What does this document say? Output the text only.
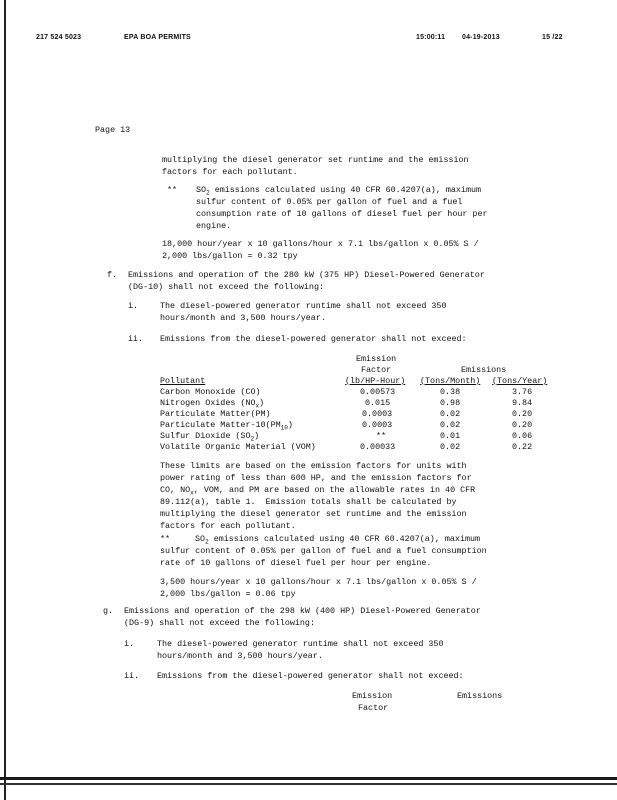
217 524 5023	EPA BOA PERMITS	15:00:11 04-19-2013	15 /22
Page 13
multiplying the diesel generator set runtime and the emission
factors for each pollutant.
** $SO_2$ emissions calculated using 40 CFR 60.4207(a), maximum
sulfur content of 0.05% per gallon of fuel and a fuel
consumption rate of 10 gallons of diesel fuel per hour per
engine.
18,000 hour/year x 10 gallons/hour x 7.1 lbs/gallon x 0.05% S /
2,000 lbs/gallon = 0.32 tpy
f. Emissions and operation of the 280 kW (375 HP) Diesel-Powered Generator
(DG-10) shall not exceed the following:
i.	The diesel-powered generator runtime shall not exceed 350
hours/month and 3,500 hours/year.
ii. Emissions from the diesel-powered generator shall not exceed:
Emission
Factor	Emissions
Pollutant	(lb/HP-Hour) (Tons/Month) (Tons/Year)
Carbon Monoxide (CO)	0.00573	0.38	3.76
Nitrogen Oxides $(NO_x)$	0.015	0.98	9.84
Particulate Matter(PM)	0.0003	0.02	0.20
Particulate Matter-$10(PM_{10})$	0.0003	0.02	0.20
Sulfur Dioxide $(SO_2)$	**	0.01	0.06
Volatile Organic Material (VOM)	0.00033	0.02	0.22
These limits are based on the emission factors for units with
power rating of less than 600 HP, and the emission factors for
CO, $NO_x$, VOM, and PM are based on the allowable rates in 40 CFR
89.112(a), table 1.  Emission totals shall be calculated by
multiplying the diesel generator set runtime and the emission
factors for each pollutant.
**	$SO_2$ emissions calculated using 40 CFR 60.4207(a), maximum
sulfur content of 0.05% per gallon of fuel and a fuel consumption
rate of 10 gallons of diesel fuel per hour per engine.
3,500 hours/year x 10 gallons/hour x 7.1 lbs/gallon x 0.05% S /
2,000 lbs/gallon = 0.06 tpy
g. Emissions and operation of the 298 kW (400 HP) Diesel-Powered Generator
(DG-9) shall not exceed the following:
i.	The diesel-powered generator runtime shall not exceed 350
hours/month and 3,500 hours/year.
ii. Emissions from the diesel-powered generator shall not exceed:
Emission	Emissions
Factor
